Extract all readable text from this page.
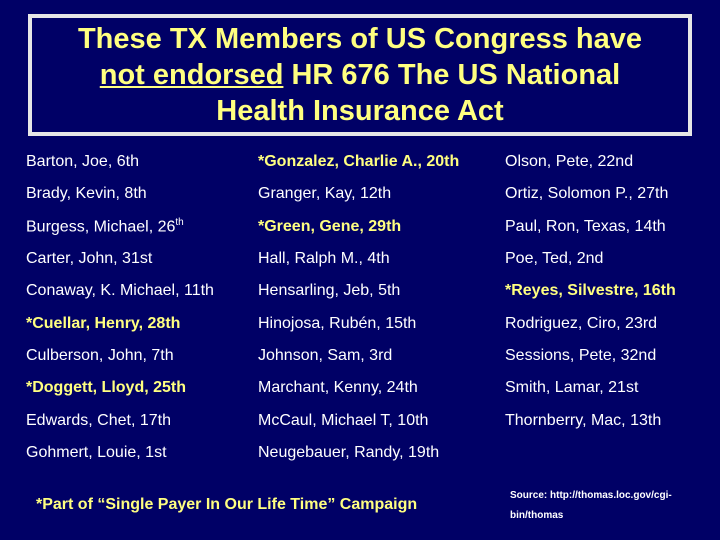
These TX Members of US Congress have
not endorsed HR 676 The US National Health Insurance Act
Barton, Joe, 6th	*Gonzalez, Charlie A., 20th	Olson, Pete, 22nd
Brady, Kevin, 8th	Granger, Kay, 12th	Ortiz, Solomon P., 27th
Burgess, Michael, 26th	*Green, Gene, 29th	Paul, Ron, Texas, 14th
Carter, John, 31st	Hall, Ralph M., 4th	Poe, Ted, 2nd
Conaway, K. Michael, 11th	Hensarling, Jeb, 5th	*Reyes, Silvestre, 16th
*Cuellar, Henry, 28th	Hinojosa, Rubén, 15th	Rodriguez, Ciro, 23rd
Culberson, John, 7th	Johnson, Sam, 3rd	Sessions, Pete, 32nd
*Doggett, Lloyd, 25th	Marchant, Kenny, 24th	Smith, Lamar, 21st
Edwards, Chet, 17th	McCaul, Michael T, 10th	Thornberry, Mac, 13th
Gohmert, Louie, 1st	Neugebauer, Randy, 19th
*Part of “Single Payer In Our Life Time” Campaign
Source: http://thomas.loc.gov/cgi-
bin/thomas
